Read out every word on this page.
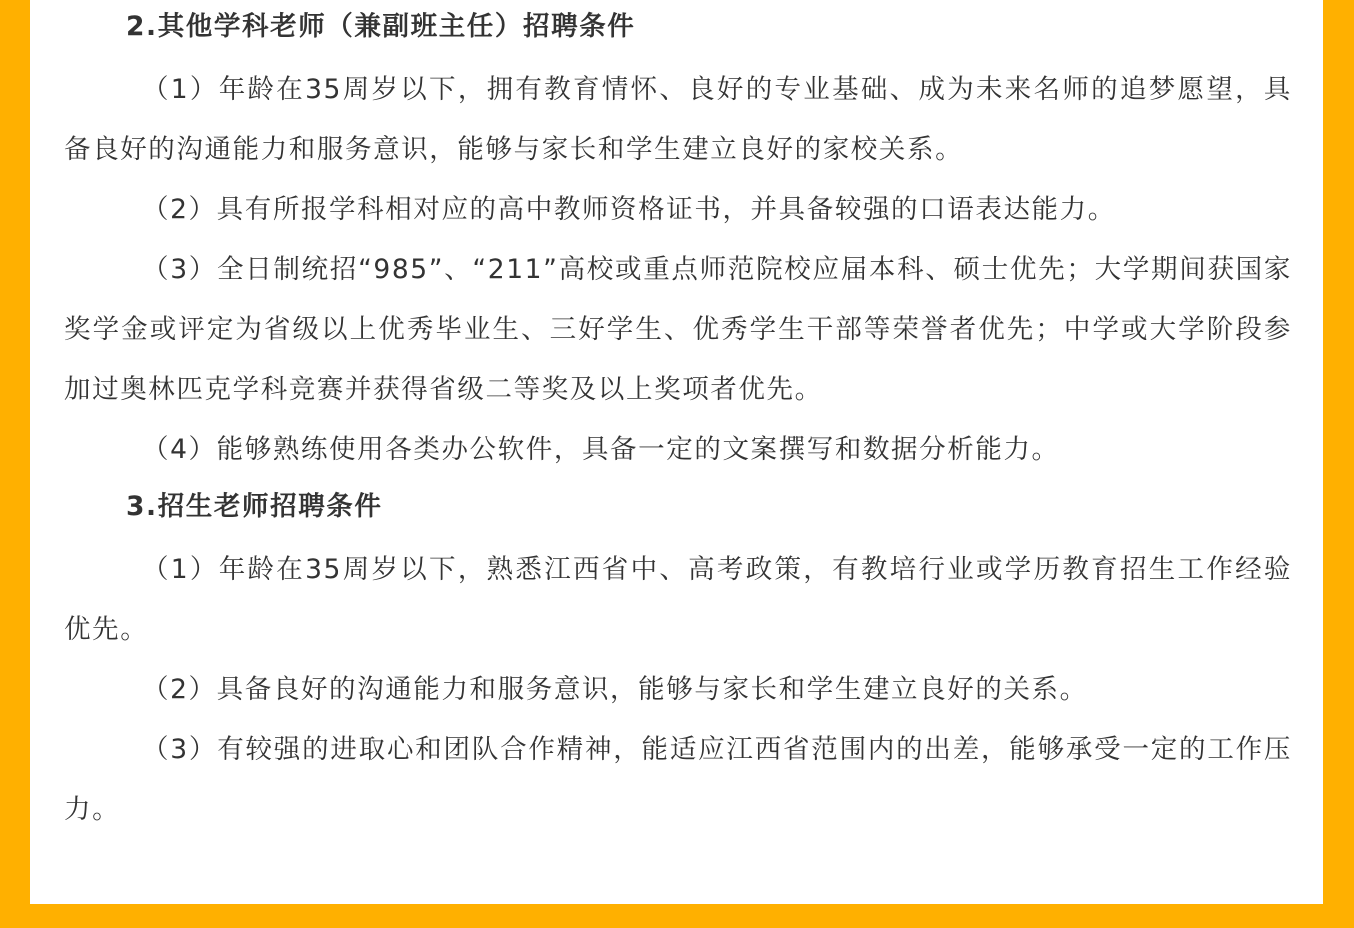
2.其他学科老师（兼副班主任）招聘条件

（1）年龄在35周岁以下，拥有教育情怀、良好的专业基础、成为未来名师的追梦愿望，具备良好的沟通能力和服务意识，能够与家长和学生建立良好的家校关系。

（2）具有所报学科相对应的高中教师资格证书，并具备较强的口语表达能力。

（3）全日制统招“985”、“211”高校或重点师范院校应届本科、硕士优先；大学期间获国家奖学金或评定为省级以上优秀毕业生、三好学生、优秀学生干部等荣誉者优先；中学或大学阶段参加过奥林匹克学科竞赛并获得省级二等奖及以上奖项者优先。

（4）能够熟练使用各类办公软件，具备一定的文案撰写和数据分析能力。

3.招生老师招聘条件

（1）年龄在35周岁以下，熟悉江西省中、高考政策，有教培行业或学历教育招生工作经验优先。

（2）具备良好的沟通能力和服务意识，能够与家长和学生建立良好的关系。

（3）有较强的进取心和团队合作精神，能适应江西省范围内的出差，能够承受一定的工作压力。
